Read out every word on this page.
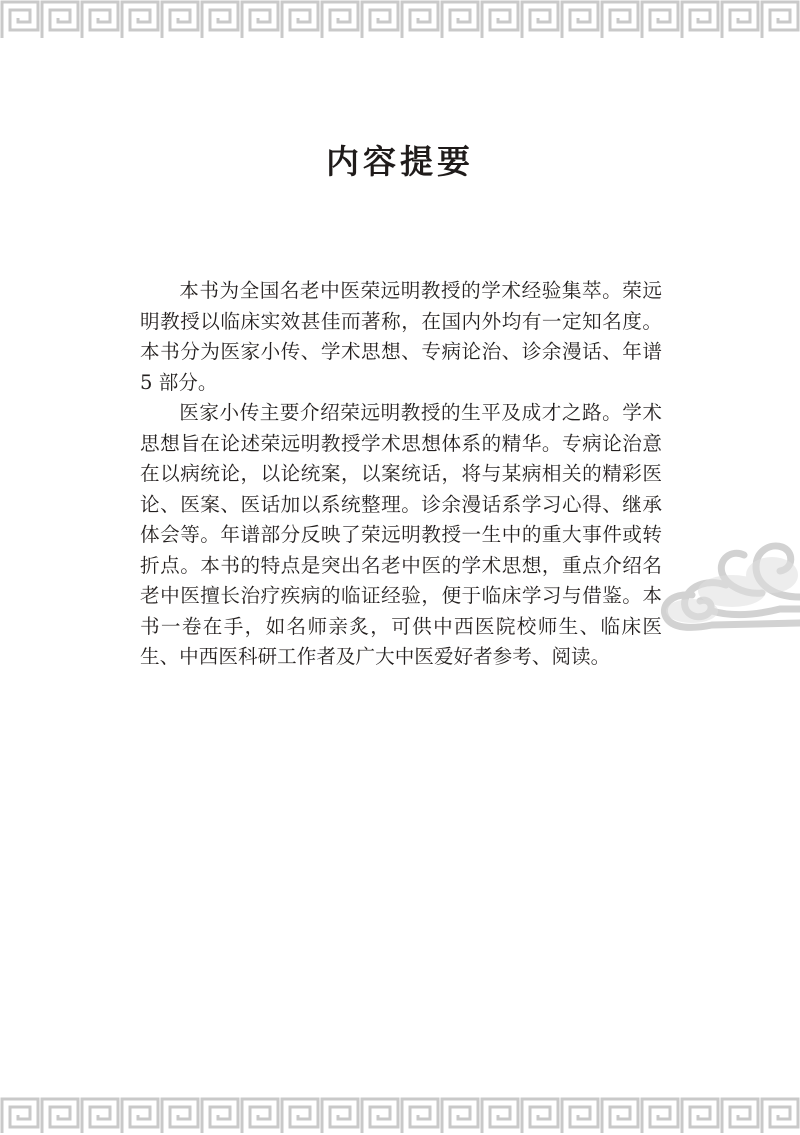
内容提要

本书为全国名老中医荣远明教授的学术经验集萃。荣远明教授以临床实效甚佳而著称，在国内外均有一定知名度。本书分为医家小传、学术思想、专病论治、诊余漫话、年谱 5 部分。

医家小传主要介绍荣远明教授的生平及成才之路。学术思想旨在论述荣远明教授学术思想体系的精华。专病论治意在以病统论，以论统案，以案统话，将与某病相关的精彩医论、医案、医话加以系统整理。诊余漫话系学习心得、继承体会等。年谱部分反映了荣远明教授一生中的重大事件或转折点。本书的特点是突出名老中医的学术思想，重点介绍名老中医擅长治疗疾病的临证经验，便于临床学习与借鉴。本书一卷在手，如名师亲炙，可供中西医院校师生、临床医生、中西医科研工作者及广大中医爱好者参考、阅读。
